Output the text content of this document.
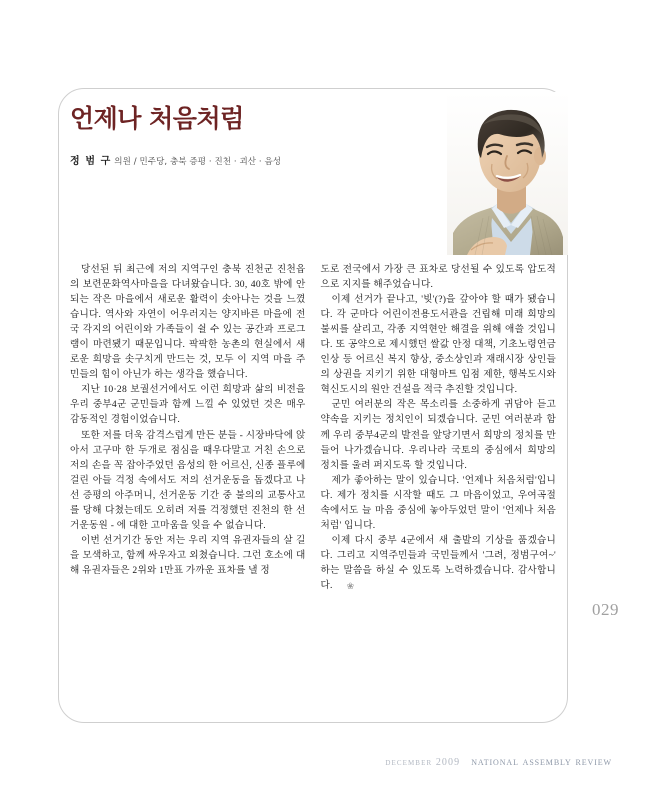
언제나 처음처럼
정 범 구 의원 / 민주당, 충북 증평 · 진천 · 괴산 · 음성

당선된 뒤 최근에 저의 지역구인 충북 진천군 진천읍의 보련문화역사마을을 다녀왔습니다. 30, 40호 밖에 안 되는 작은 마을에서 새로운 활력이 솟아나는 것을 느꼈습니다. 역사와 자연이 어우러지는 양지바른 마을에 전국 각지의 어린이와 가족들이 쉴 수 있는 공간과 프로그램이 마련됐기 때문입니다. 팍팍한 농촌의 현실에서 새로운 희망을 솟구치게 만드는 것, 모두 이 지역 마을 주민들의 힘이 아닌가 하는 생각을 했습니다.

지난 10·28 보궐선거에서도 이런 희망과 삶의 비전을 우리 중부4군 군민들과 함께 느낄 수 있었던 것은 매우 감동적인 경험이었습니다.

또한 저를 더욱 감격스럽게 만든 분들 - 시장바닥에 앉아서 고구마 한 두개로 점심을 때우다말고 거친 손으로 저의 손을 꼭 잡아주었던 음성의 한 어르신, 신종 플루에 걸린 아들 걱정 속에서도 저의 선거운동을 돕겠다고 나선 증평의 아주머니, 선거운동 기간 중 불의의 교통사고를 당해 다쳤는데도 오히려 저를 걱정했던 진천의 한 선거운동원 - 에 대한 고마움을 잊을 수 없습니다.

이번 선거기간 동안 저는 우리 지역 유권자들의 살 길을 모색하고, 함께 싸우자고 외쳤습니다. 그런 호소에 대해 유권자들은 2위와 1만표 가까운 표차를 낼 정

도로 전국에서 가장 큰 표차로 당선될 수 있도록 압도적으로 지지를 해주었습니다.

이제 선거가 끝나고, '빚'(?)을 갚아야 할 때가 됐습니다. 각 군마다 어린이전용도서관을 건립해 미래 희망의 불씨를 살리고, 각종 지역현안 해결을 위해 애쓸 것입니다. 또 공약으로 제시했던 쌀값 안정 대책, 기초노령연금 인상 등 어르신 복지 향상, 중소상인과 재래시장 상인들의 상권을 지키기 위한 대형마트 입점 제한, 행복도시와 혁신도시의 원안 건설을 적극 추진할 것입니다.

군민 여러분의 작은 목소리를 소중하게 귀담아 듣고 약속을 지키는 정치인이 되겠습니다. 군민 여러분과 함께 우리 중부4군의 발전을 앞당기면서 희망의 정치를 만들어 나가겠습니다. 우리나라 국토의 중심에서 희망의 정치를 울려 퍼지도록 할 것입니다.

제가 좋아하는 말이 있습니다. '언제나 처음처럼'입니다. 제가 정치를 시작할 때도 그 마음이었고, 우여곡절 속에서도 늘 마음 중심에 놓아두었던 말이 '언제나 처음처럼' 입니다.

이제 다시 중부 4군에서 새 출발의 기상을 품겠습니다. 그리고 지역주민들과 국민들께서 '그려, 정범구여~' 하는 말씀을 하실 수 있도록 노력하겠습니다. 감사합니다. ❀

029
december 2009 national assembly review
